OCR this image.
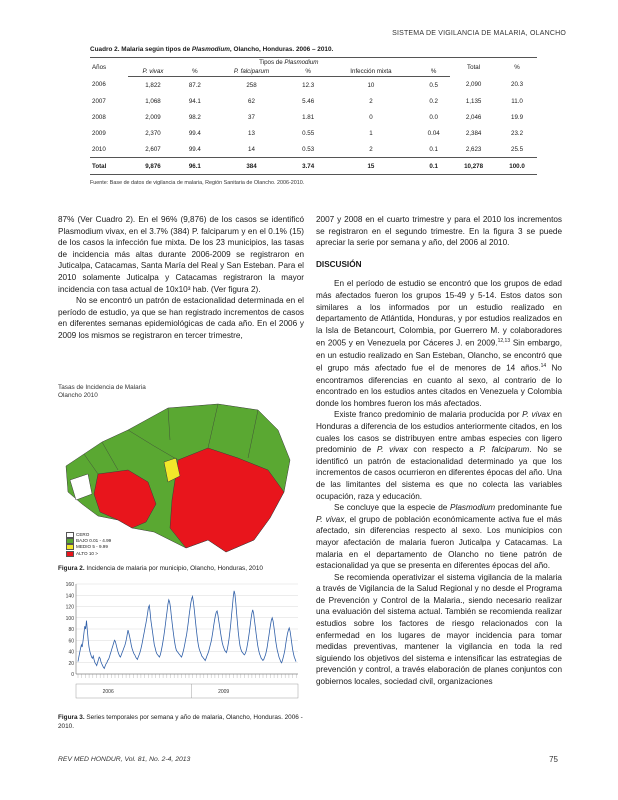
SISTEMA DE VIGILANCIA DE MALARIA, OLANCHO
Cuadro 2. Malaria según tipos de Plasmodium, Olancho, Honduras. 2006 – 2010.
Años	Tipos de Plasmodium						Total	%
	P. vivax	%	P. falciparum	%	Infección mixta	%		
2006	1,822	87.2	258	12.3	10	0.5	2,090	20.3
2007	1,068	94.1	62	5.46	2	0.2	1,135	11.0
2008	2,009	98.2	37	1.81	0	0.0	2,046	19.9
2009	2,370	99.4	13	0.55	1	0.04	2,384	23.2
2010	2,607	99.4	14	0.53	2	0.1	2,623	25.5
Total	9,876	96.1	384	3.74	15	0.1	10,278	100.0
Fuente: Base de datos de vigilancia de malaria, Región Sanitaria de Olancho. 2006-2010.
87% (Ver Cuadro 2). En el 96% (9,876) de los casos se identificó Plasmodium vivax, en el 3.7% (384) P. falciparum y en el 0.1% (15) de los casos la infección fue mixta. De los 23 municipios, las tasas de incidencia más altas durante 2006-2009 se registraron en Juticalpa, Catacamas, Santa María del Real y San Esteban. Para el 2010 solamente Juticalpa y Catacamas registraron la mayor incidencia con tasa actual de 10x10³ hab. (Ver figura 2).
No se encontró un patrón de estacionalidad determinada en el período de estudio, ya que se han registrado incrementos de casos en diferentes semanas epidemiológicas de cada año. En el 2006 y 2009 los mismos se registraron en tercer trimestre,
Tasas de Incidencia de Malaria
Olancho 2010
CERO
BAJO 0.01 - 4.99
MEDIO 5 - 9.99
ALTO 10 >
Figura 2. Incidencia de malaria por municipio, Olancho, Honduras, 2010
0
20
40
60
80
100
120
140
160
2006	2009
Figura 3. Series temporales por semana y año de malaria, Olancho, Honduras. 2006 - 2010.
2007 y 2008 en el cuarto trimestre y para el 2010 los incrementos se registraron en el segundo trimestre. En la figura 3 se puede apreciar la serie por semana y año, del 2006 al 2010.
DISCUSIÓN
En el período de estudio se encontró que los grupos de edad más afectados fueron los grupos 15-49 y 5-14. Estos datos son similares a los informados por un estudio realizado en departamento de Atlántida, Honduras, y por estudios realizados en la Isla de Betancourt, Colombia, por Guerrero M. y colaboradores en 2005 y en Venezuela por Cáceres J. en 2009.$^{12,13}$ Sin embargo, en un estudio realizado en San Esteban, Olancho, se encontró que el grupo más afectado fue el de menores de 14 años.$^{14}$ No encontramos diferencias en cuanto al sexo, al contrario de lo encontrado en los estudios antes citados en Venezuela y Colombia donde los hombres fueron los más afectados.
Existe franco predominio de malaria producida por P. vivax en Honduras a diferencia de los estudios anteriormente citados, en los cuales los casos se distribuyen entre ambas especies con ligero predominio de P. vivax con respecto a P. falciparum. No se identificó un patrón de estacionalidad determinado ya que los incrementos de casos ocurrieron en diferentes épocas del año. Una de las limitantes del sistema es que no colecta las variables ocupación, raza y educación.
Se concluye que la especie de Plasmodium predominante fue P. vivax, el grupo de población económicamente activa fue el más afectado, sin diferencias respecto al sexo. Los municipios con mayor afectación de malaria fueron Juticalpa y Catacamas. La malaria en el departamento de Olancho no tiene patrón de estacionalidad ya que se presenta en diferentes épocas del año.
Se recomienda operativizar el sistema vigilancia de la malaria a través de Vigilancia de la Salud Regional y no desde el Programa de Prevención y Control de la Malaria., siendo necesario realizar una evaluación del sistema actual. También se recomienda realizar estudios sobre los factores de riesgo relacionados con la enfermedad en los lugares de mayor incidencia para tomar medidas preventivas, mantener la vigilancia en toda la red siguiendo los objetivos del sistema e intensificar las estrategias de prevención y control, a través elaboración de planes conjuntos con gobiernos locales, sociedad civil, organizaciones
REV MED HONDUR, Vol. 81, No. 2-4, 2013	75
